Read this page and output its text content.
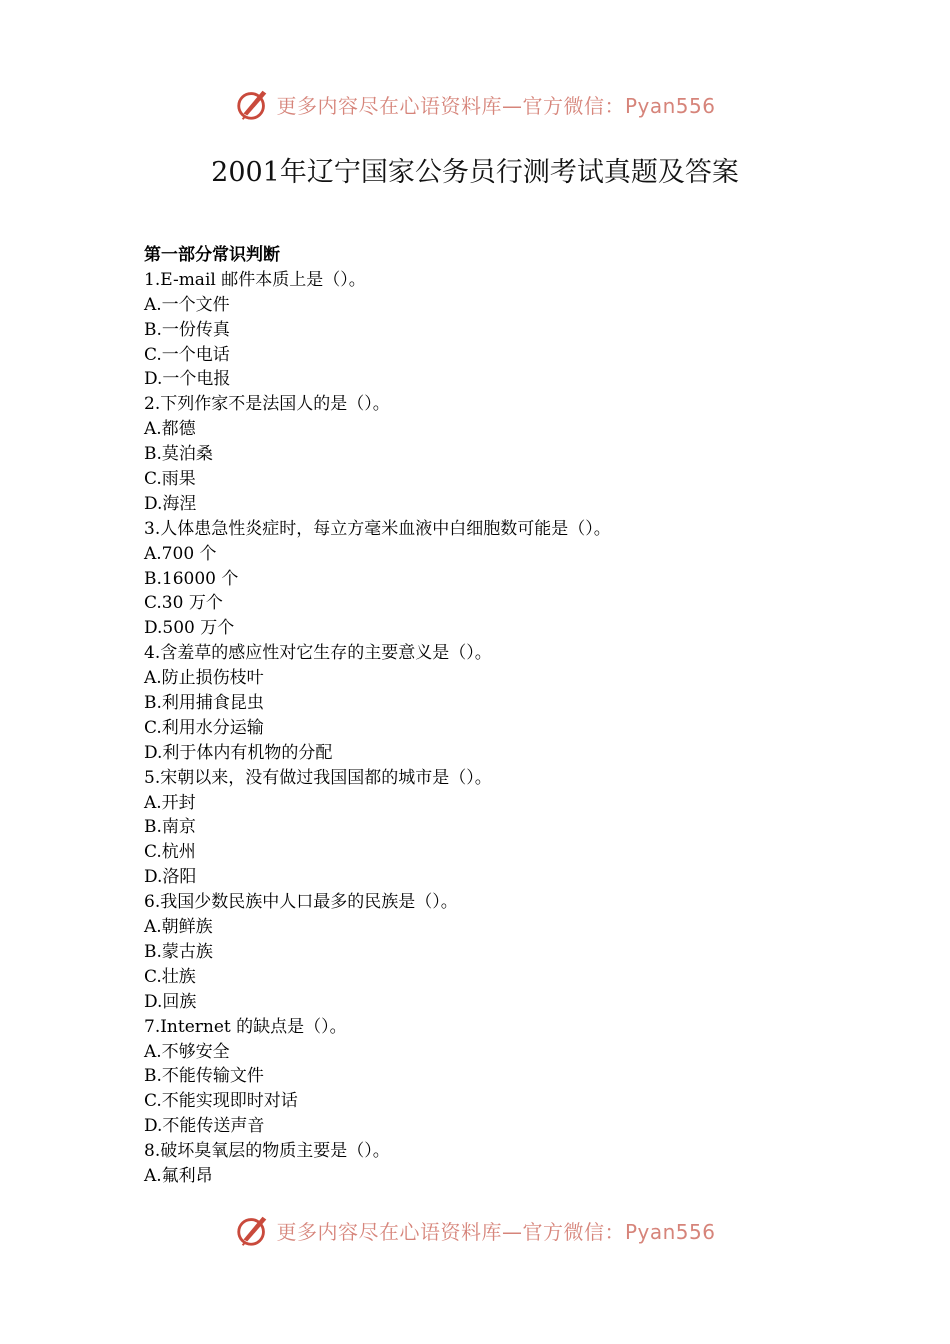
更多内容尽在心语资料库—官方微信：Pyan556
2001年辽宁国家公务员行测考试真题及答案
第一部分常识判断
1.E-mail 邮件本质上是（）。
A.一个文件
B.一份传真
C.一个电话
D.一个电报
2.下列作家不是法国人的是（）。
A.都德
B.莫泊桑
C.雨果
D.海涅
3.人体患急性炎症时，每立方毫米血液中白细胞数可能是（）。
A.700 个
B.16000 个
C.30 万个
D.500 万个
4.含羞草的感应性对它生存的主要意义是（）。
A.防止损伤枝叶
B.利用捕食昆虫
C.利用水分运输
D.利于体内有机物的分配
5.宋朝以来，没有做过我国国都的城市是（）。
A.开封
B.南京
C.杭州
D.洛阳
6.我国少数民族中人口最多的民族是（）。
A.朝鲜族
B.蒙古族
C.壮族
D.回族
7.Internet 的缺点是（）。
A.不够安全
B.不能传输文件
C.不能实现即时对话
D.不能传送声音
8.破坏臭氧层的物质主要是（）。
A.氟利昂
更多内容尽在心语资料库—官方微信：Pyan556
